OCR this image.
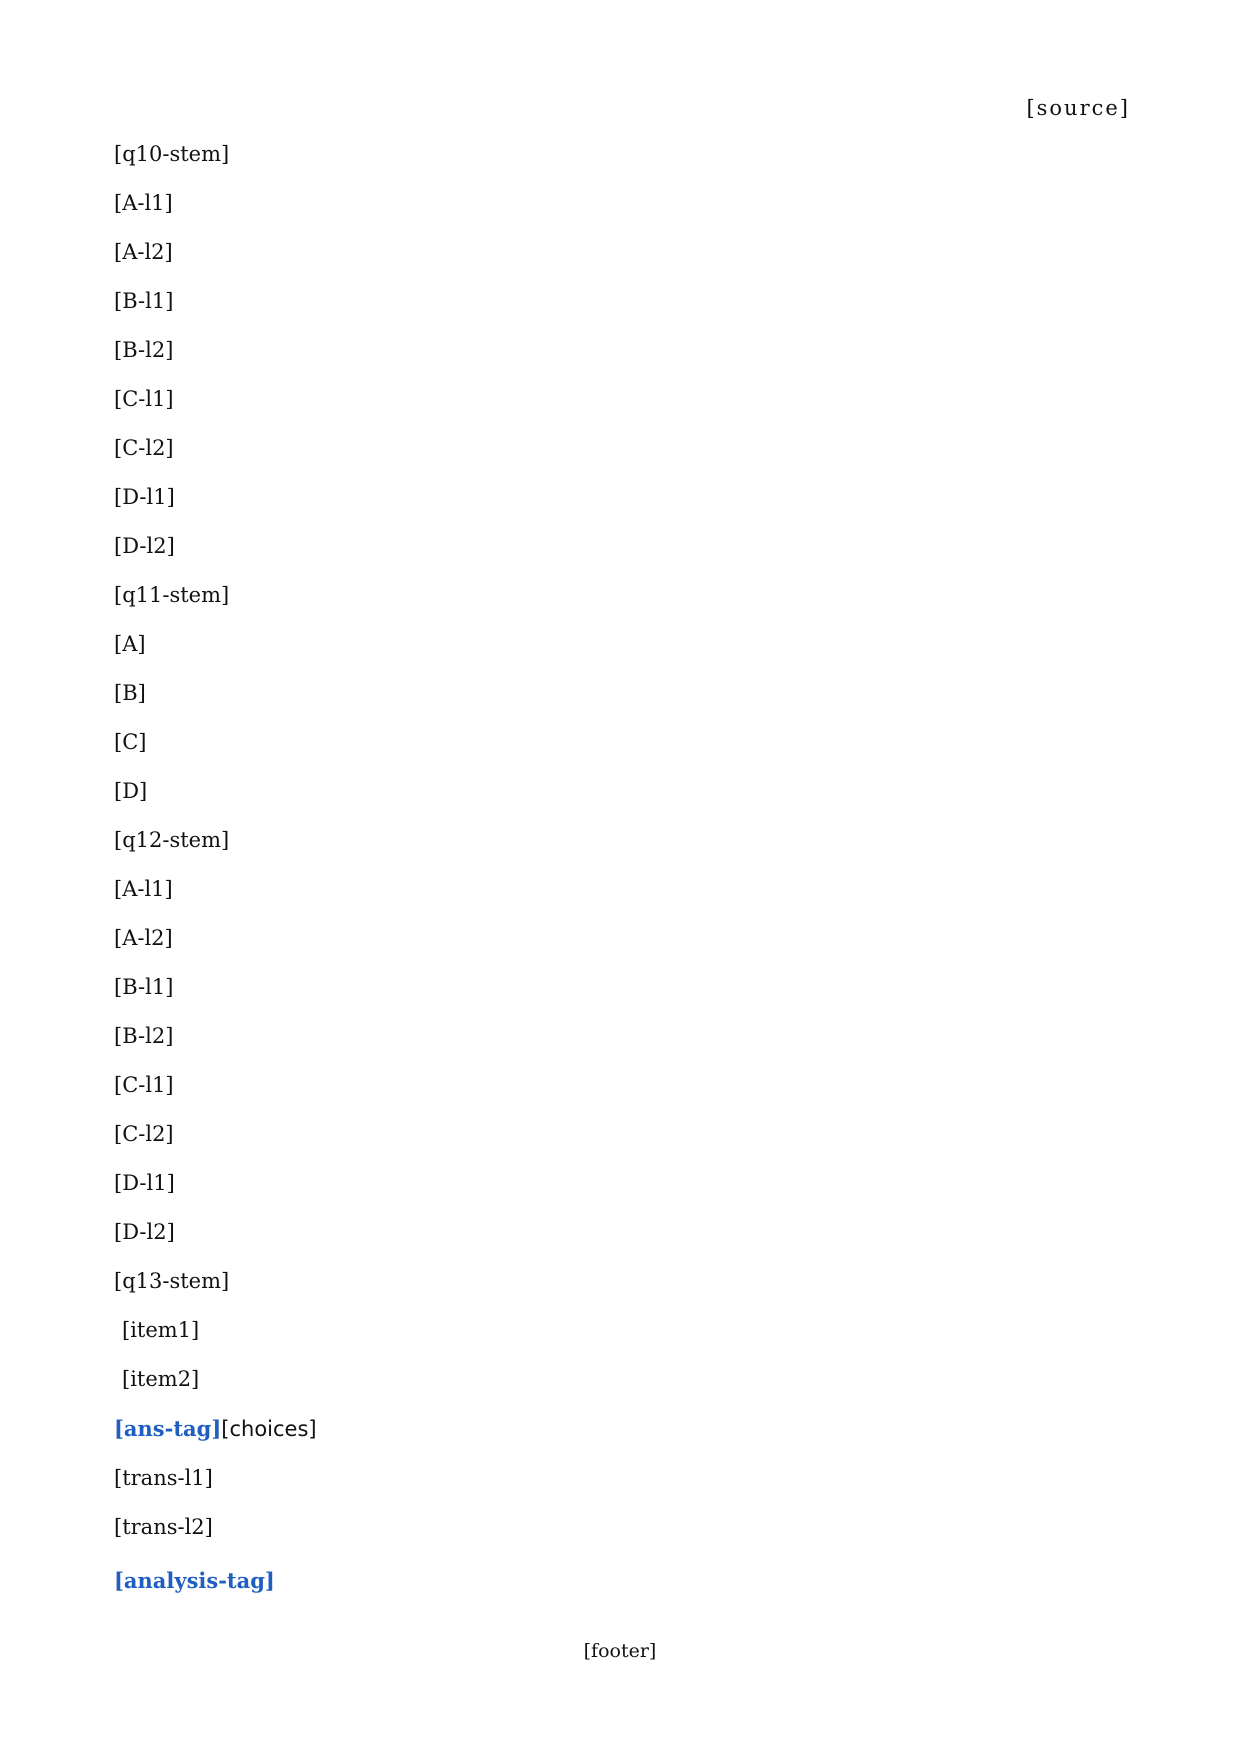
[source]
[q10-stem]
[A-l1]
[A-l2]
[B-l1]
[B-l2]
[C-l1]
[C-l2]
[D-l1]
[D-l2]
[q11-stem]
[A]
[B]
[C]
[D]
[q12-stem]
[A-l1]
[A-l2]
[B-l1]
[B-l2]
[C-l1]
[C-l2]
[D-l1]
[D-l2]
[q13-stem]
[item1]
[item2]
[ans-tag][choices]
[trans-l1]
[trans-l2]
[analysis-tag]
[footer]
